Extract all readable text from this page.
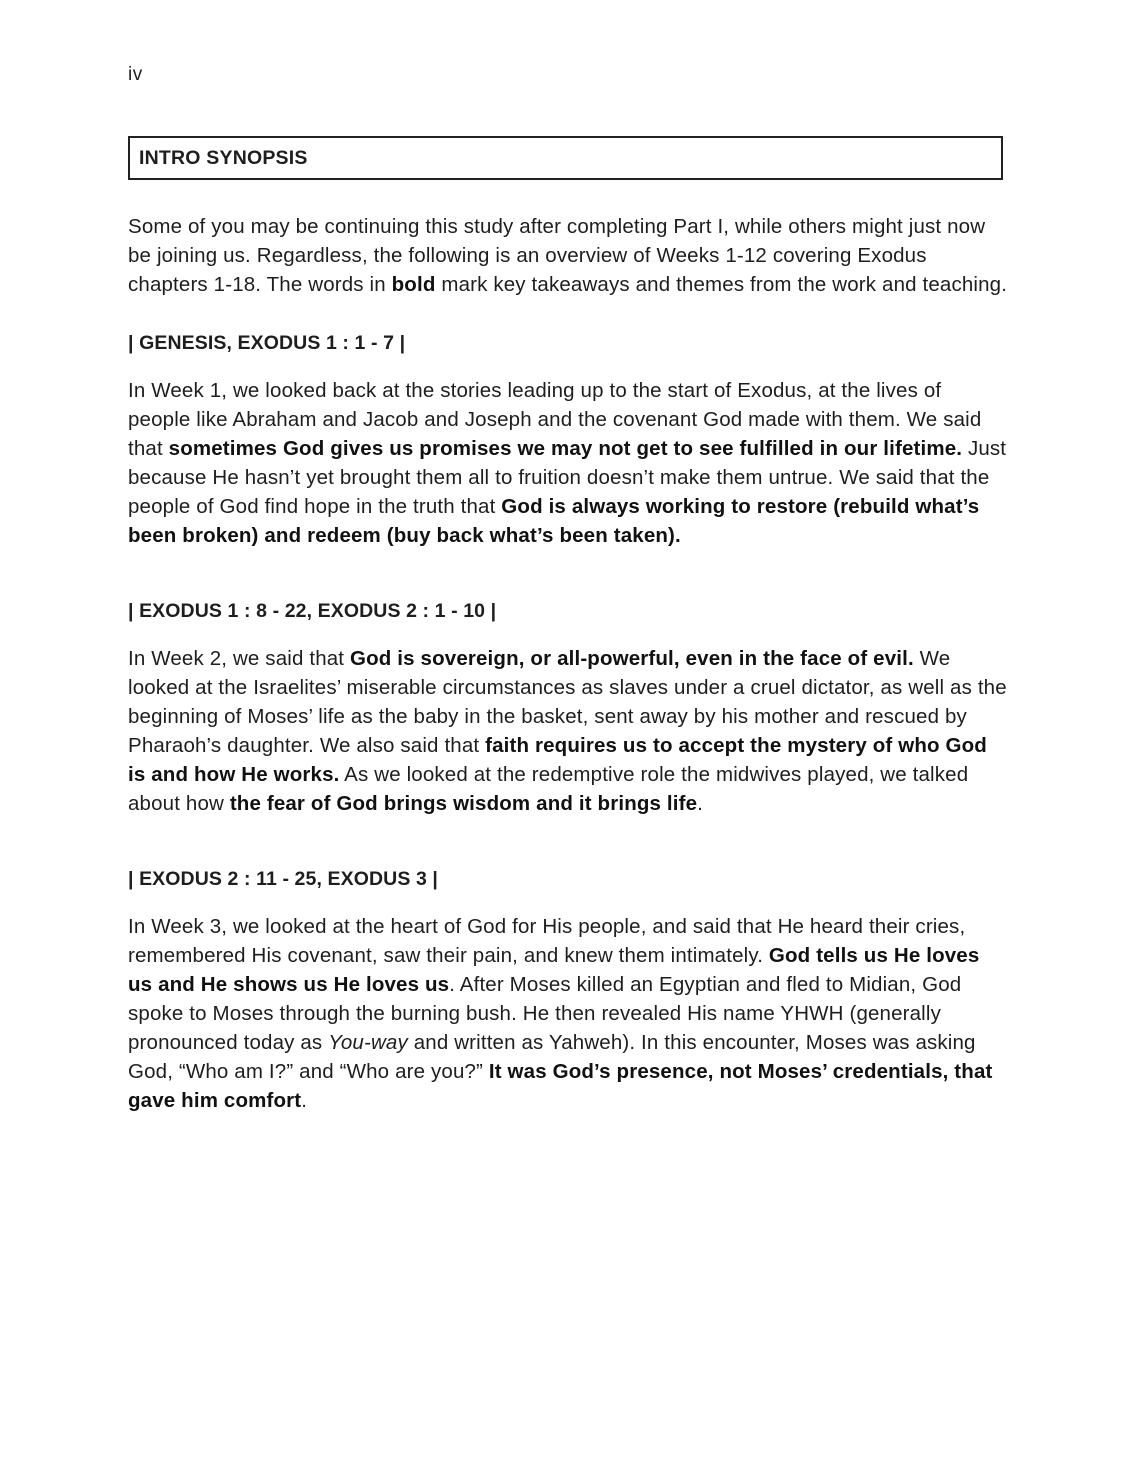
iv
INTRO SYNOPSIS

Some of you may be continuing this study after completing Part I, while others might just now be joining us. Regardless, the following is an overview of Weeks 1-12 covering Exodus chapters 1-18. The words in bold mark key takeaways and themes from the work and teaching.

| GENESIS, EXODUS 1 : 1 - 7 |

In Week 1, we looked back at the stories leading up to the start of Exodus, at the lives of people like Abraham and Jacob and Joseph and the covenant God made with them. We said that sometimes God gives us promises we may not get to see fulfilled in our lifetime. Just because He hasn’t yet brought them all to fruition doesn’t make them untrue. We said that the people of God find hope in the truth that God is always working to restore (rebuild what’s been broken) and redeem (buy back what’s been taken).

| EXODUS 1 : 8 - 22, EXODUS 2 : 1 - 10 |

In Week 2, we said that God is sovereign, or all-powerful, even in the face of evil. We looked at the Israelites’ miserable circumstances as slaves under a cruel dictator, as well as the beginning of Moses’ life as the baby in the basket, sent away by his mother and rescued by Pharaoh’s daughter. We also said that faith requires us to accept the mystery of who God is and how He works. As we looked at the redemptive role the midwives played, we talked about how the fear of God brings wisdom and it brings life.

| EXODUS 2 : 11 - 25, EXODUS 3 |

In Week 3, we looked at the heart of God for His people, and said that He heard their cries, remembered His covenant, saw their pain, and knew them intimately. God tells us He loves us and He shows us He loves us. After Moses killed an Egyptian and fled to Midian, God spoke to Moses through the burning bush. He then revealed His name YHWH (generally pronounced today as You-way and written as Yahweh). In this encounter, Moses was asking God, “Who am I?” and “Who are you?” It was God’s presence, not Moses’ credentials, that gave him comfort.
